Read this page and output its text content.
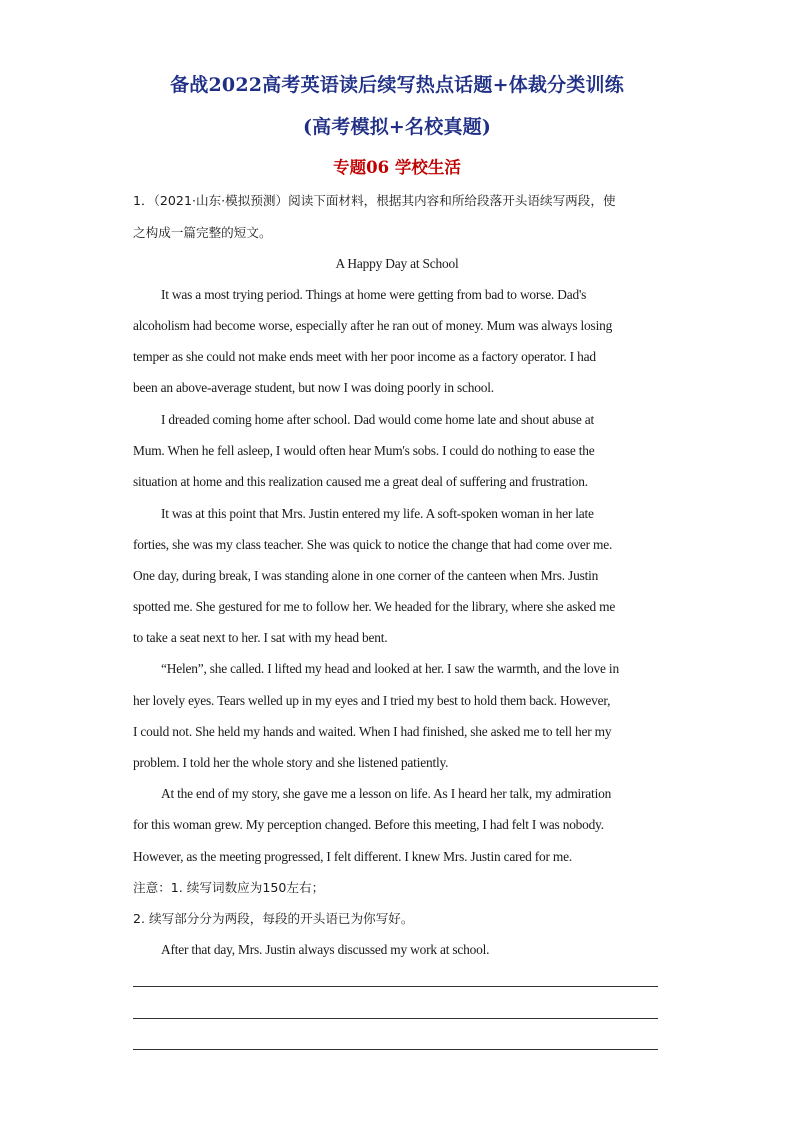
备战2022高考英语读后续写热点话题+体裁分类训练
(高考模拟+名校真题)
专题06 学校生活
1．（2021·山东·模拟预测）阅读下面材料，根据其内容和所给段落开头语续写两段，使
之构成一篇完整的短文。
A Happy Day at School
It was a most trying period. Things at home were getting from bad to worse. Dad's
alcoholism had become worse, especially after he ran out of money. Mum was always losing
temper as she could not make ends meet with her poor income as a factory operator. I had
been an above-average student, but now I was doing poorly in school.
I dreaded coming home after school. Dad would come home late and shout abuse at
Mum. When he fell asleep, I would often hear Mum's sobs. I could do nothing to ease the
situation at home and this realization caused me a great deal of suffering and frustration.
It was at this point that Mrs. Justin entered my life. A soft-spoken woman in her late
forties, she was my class teacher. She was quick to notice the change that had come over me.
One day, during break, I was standing alone in one corner of the canteen when Mrs. Justin
spotted me. She gestured for me to follow her. We headed for the library, where she asked me
to take a seat next to her. I sat with my head bent.
“Helen”, she called. I lifted my head and looked at her. I saw the warmth, and the love in
her lovely eyes. Tears welled up in my eyes and I tried my best to hold them back. However,
I could not. She held my hands and waited. When I had finished, she asked me to tell her my
problem. I told her the whole story and she listened patiently.
At the end of my story, she gave me a lesson on life. As I heard her talk, my admiration
for this woman grew. My perception changed. Before this meeting, I had felt I was nobody.
However, as the meeting progressed, I felt different. I knew Mrs. Justin cared for me.
注意：1. 续写词数应为150左右；
2. 续写部分分为两段，每段的开头语已为你写好。
After that day, Mrs. Justin always discussed my work at school.
